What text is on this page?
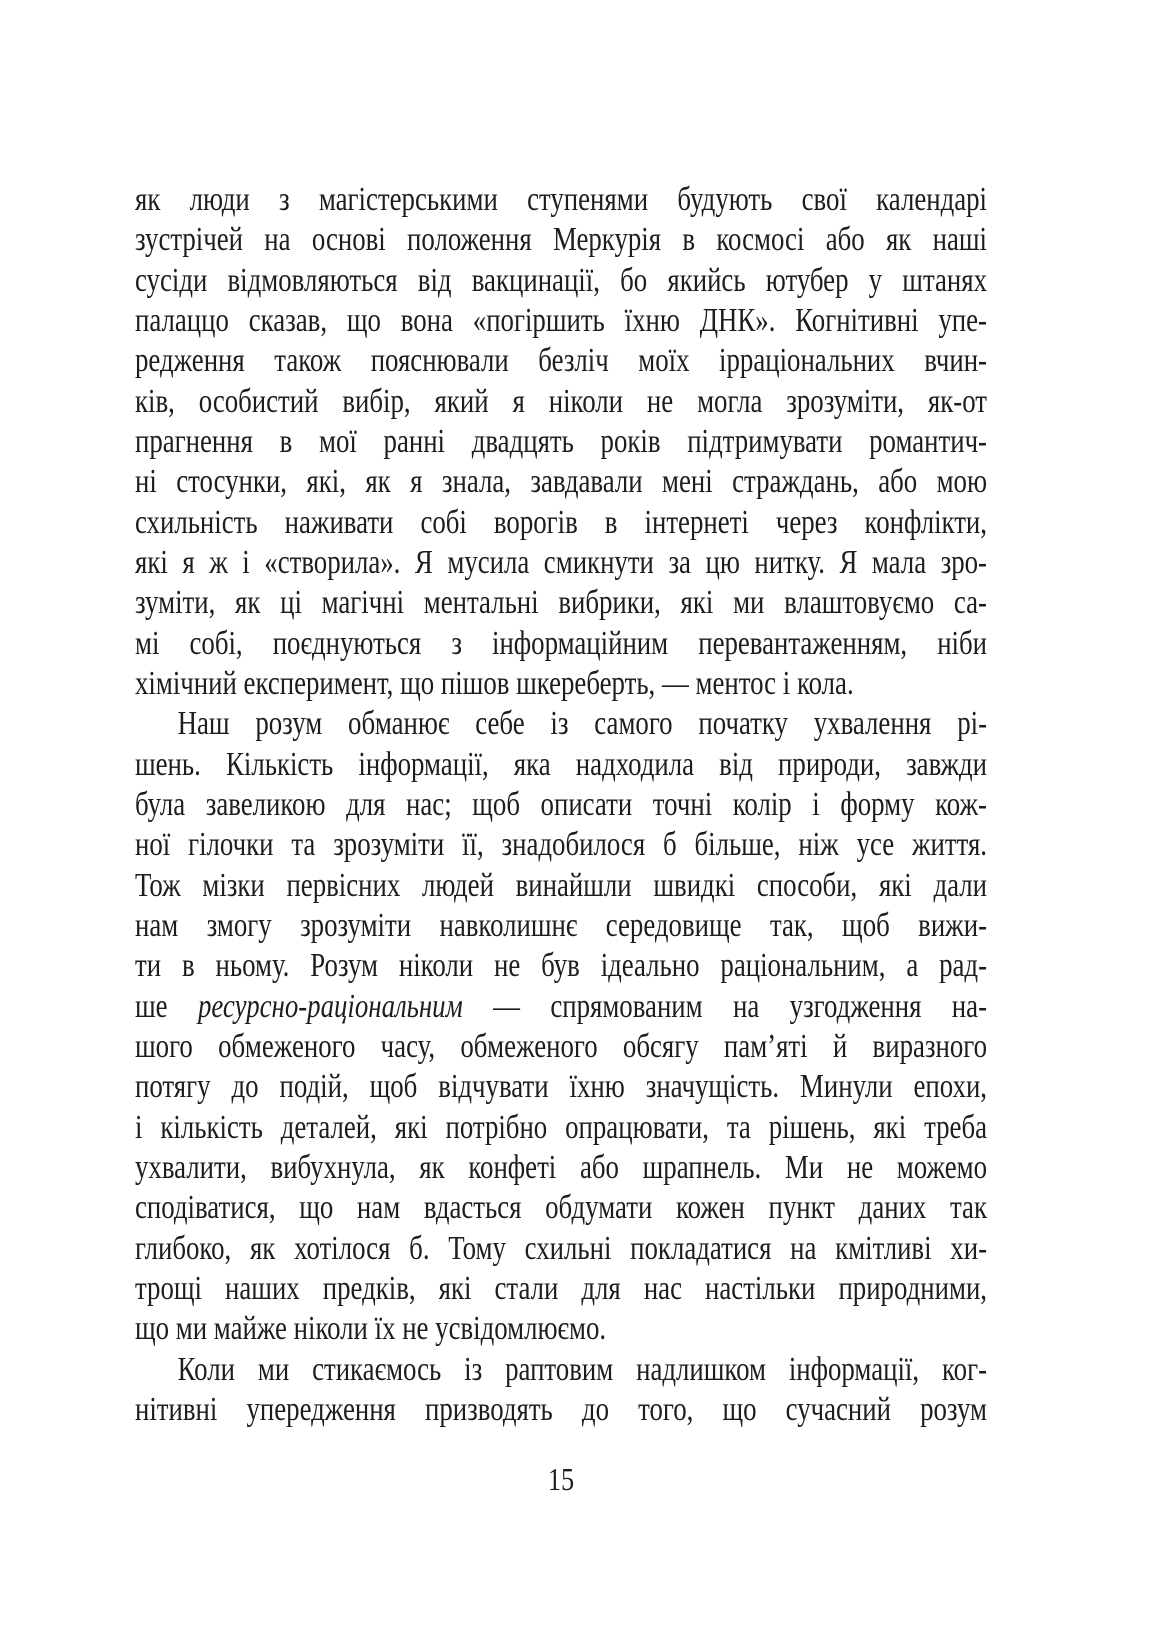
як люди з магістерськими ступенями будують свої календарі
зустрічей на основі положення Меркурія в космосі або як наші
сусіди відмовляються від вакцинації, бо якийсь ютубер у штанях
палаццо сказав, що вона «погіршить їхню ДНК». Когнітивні упе-
редження також пояснювали безліч моїх ірраціональних вчин-
ків, особистий вибір, який я ніколи не могла зрозуміти, як-от
прагнення в мої ранні двадцять років підтримувати романтич-
ні стосунки, які, як я знала, завдавали мені страждань, або мою
схильність наживати собі ворогів в інтернеті через конфлікти,
які я ж і «створила». Я мусила смикнути за цю нитку. Я мала зро-
зуміти, як ці магічні ментальні вибрики, які ми влаштовуємо са-
мі собі, поєднуються з інформаційним перевантаженням, ніби
хімічний експеримент, що пішов шкереберть, — ментос і кола.
Наш розум обманює себе із самого початку ухвалення рі-
шень. Кількість інформації, яка надходила від природи, завжди
була завеликою для нас; щоб описати точні колір і форму кож-
ної гілочки та зрозуміти її, знадобилося б більше, ніж усе життя.
Тож мізки первісних людей винайшли швидкі способи, які дали
нам змогу зрозуміти навколишнє середовище так, щоб вижи-
ти в ньому. Розум ніколи не був ідеально раціональним, а рад-
ше ресурсно-раціональним — спрямованим на узгодження на-
шого обмеженого часу, обмеженого обсягу пам’яті й виразного
потягу до подій, щоб відчувати їхню значущість. Минули епохи,
і кількість деталей, які потрібно опрацювати, та рішень, які треба
ухвалити, вибухнула, як конфеті або шрапнель. Ми не можемо
сподіватися, що нам вдасться обдумати кожен пункт даних так
глибоко, як хотілося б. Тому схильні покладатися на кмітливі хи-
трощі наших предків, які стали для нас настільки природними,
що ми майже ніколи їх не усвідомлюємо.
Коли ми стикаємось із раптовим надлишком інформації, ког-
нітивні упередження призводять до того, що сучасний розум
15
